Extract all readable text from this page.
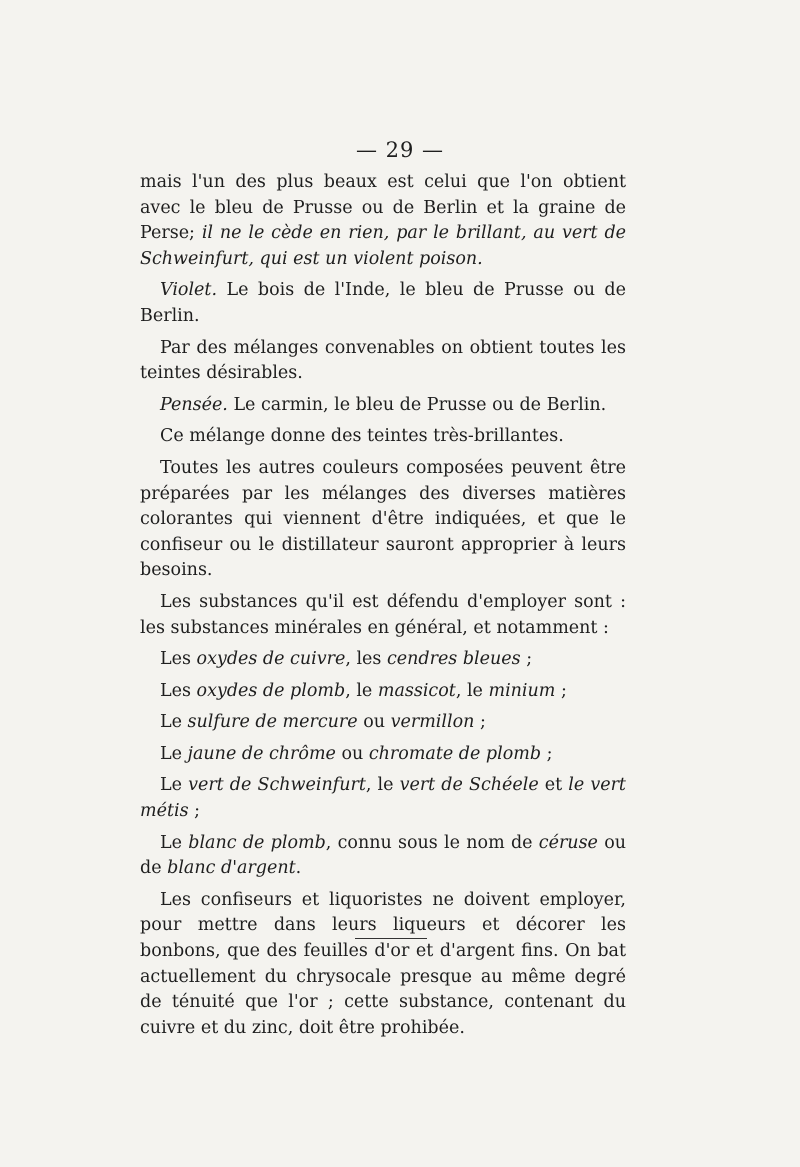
— 29 —

mais l'un des plus beaux est celui que l'on obtient avec le bleu de Prusse ou de Berlin et la graine de Perse; il ne le cède en rien, par le brillant, au vert de Schweinfurt, qui est un violent poison.

Violet. Le bois de l'Inde, le bleu de Prusse ou de Berlin.

Par des mélanges convenables on obtient toutes les teintes désirables.

Pensée. Le carmin, le bleu de Prusse ou de Berlin.

Ce mélange donne des teintes très-brillantes.

Toutes les autres couleurs composées peuvent être préparées par les mélanges des diverses matières colorantes qui viennent d'être indiquées, et que le confiseur ou le distillateur sauront approprier à leurs besoins.

Les substances qu'il est défendu d'employer sont : les substances minérales en général, et notamment :

Les oxydes de cuivre, les cendres bleues ;

Les oxydes de plomb, le massicot, le minium ;

Le sulfure de mercure ou vermillon ;

Le jaune de chrôme ou chromate de plomb ;

Le vert de Schweinfurt, le vert de Schéele et le vert métis ;

Le blanc de plomb, connu sous le nom de céruse ou de blanc d'argent.

Les confiseurs et liquoristes ne doivent employer, pour mettre dans leurs liqueurs et décorer les bonbons, que des feuilles d'or et d'argent fins. On bat actuellement du chrysocale presque au même degré de ténuité que l'or ; cette substance, contenant du cuivre et du zinc, doit être prohibée.
